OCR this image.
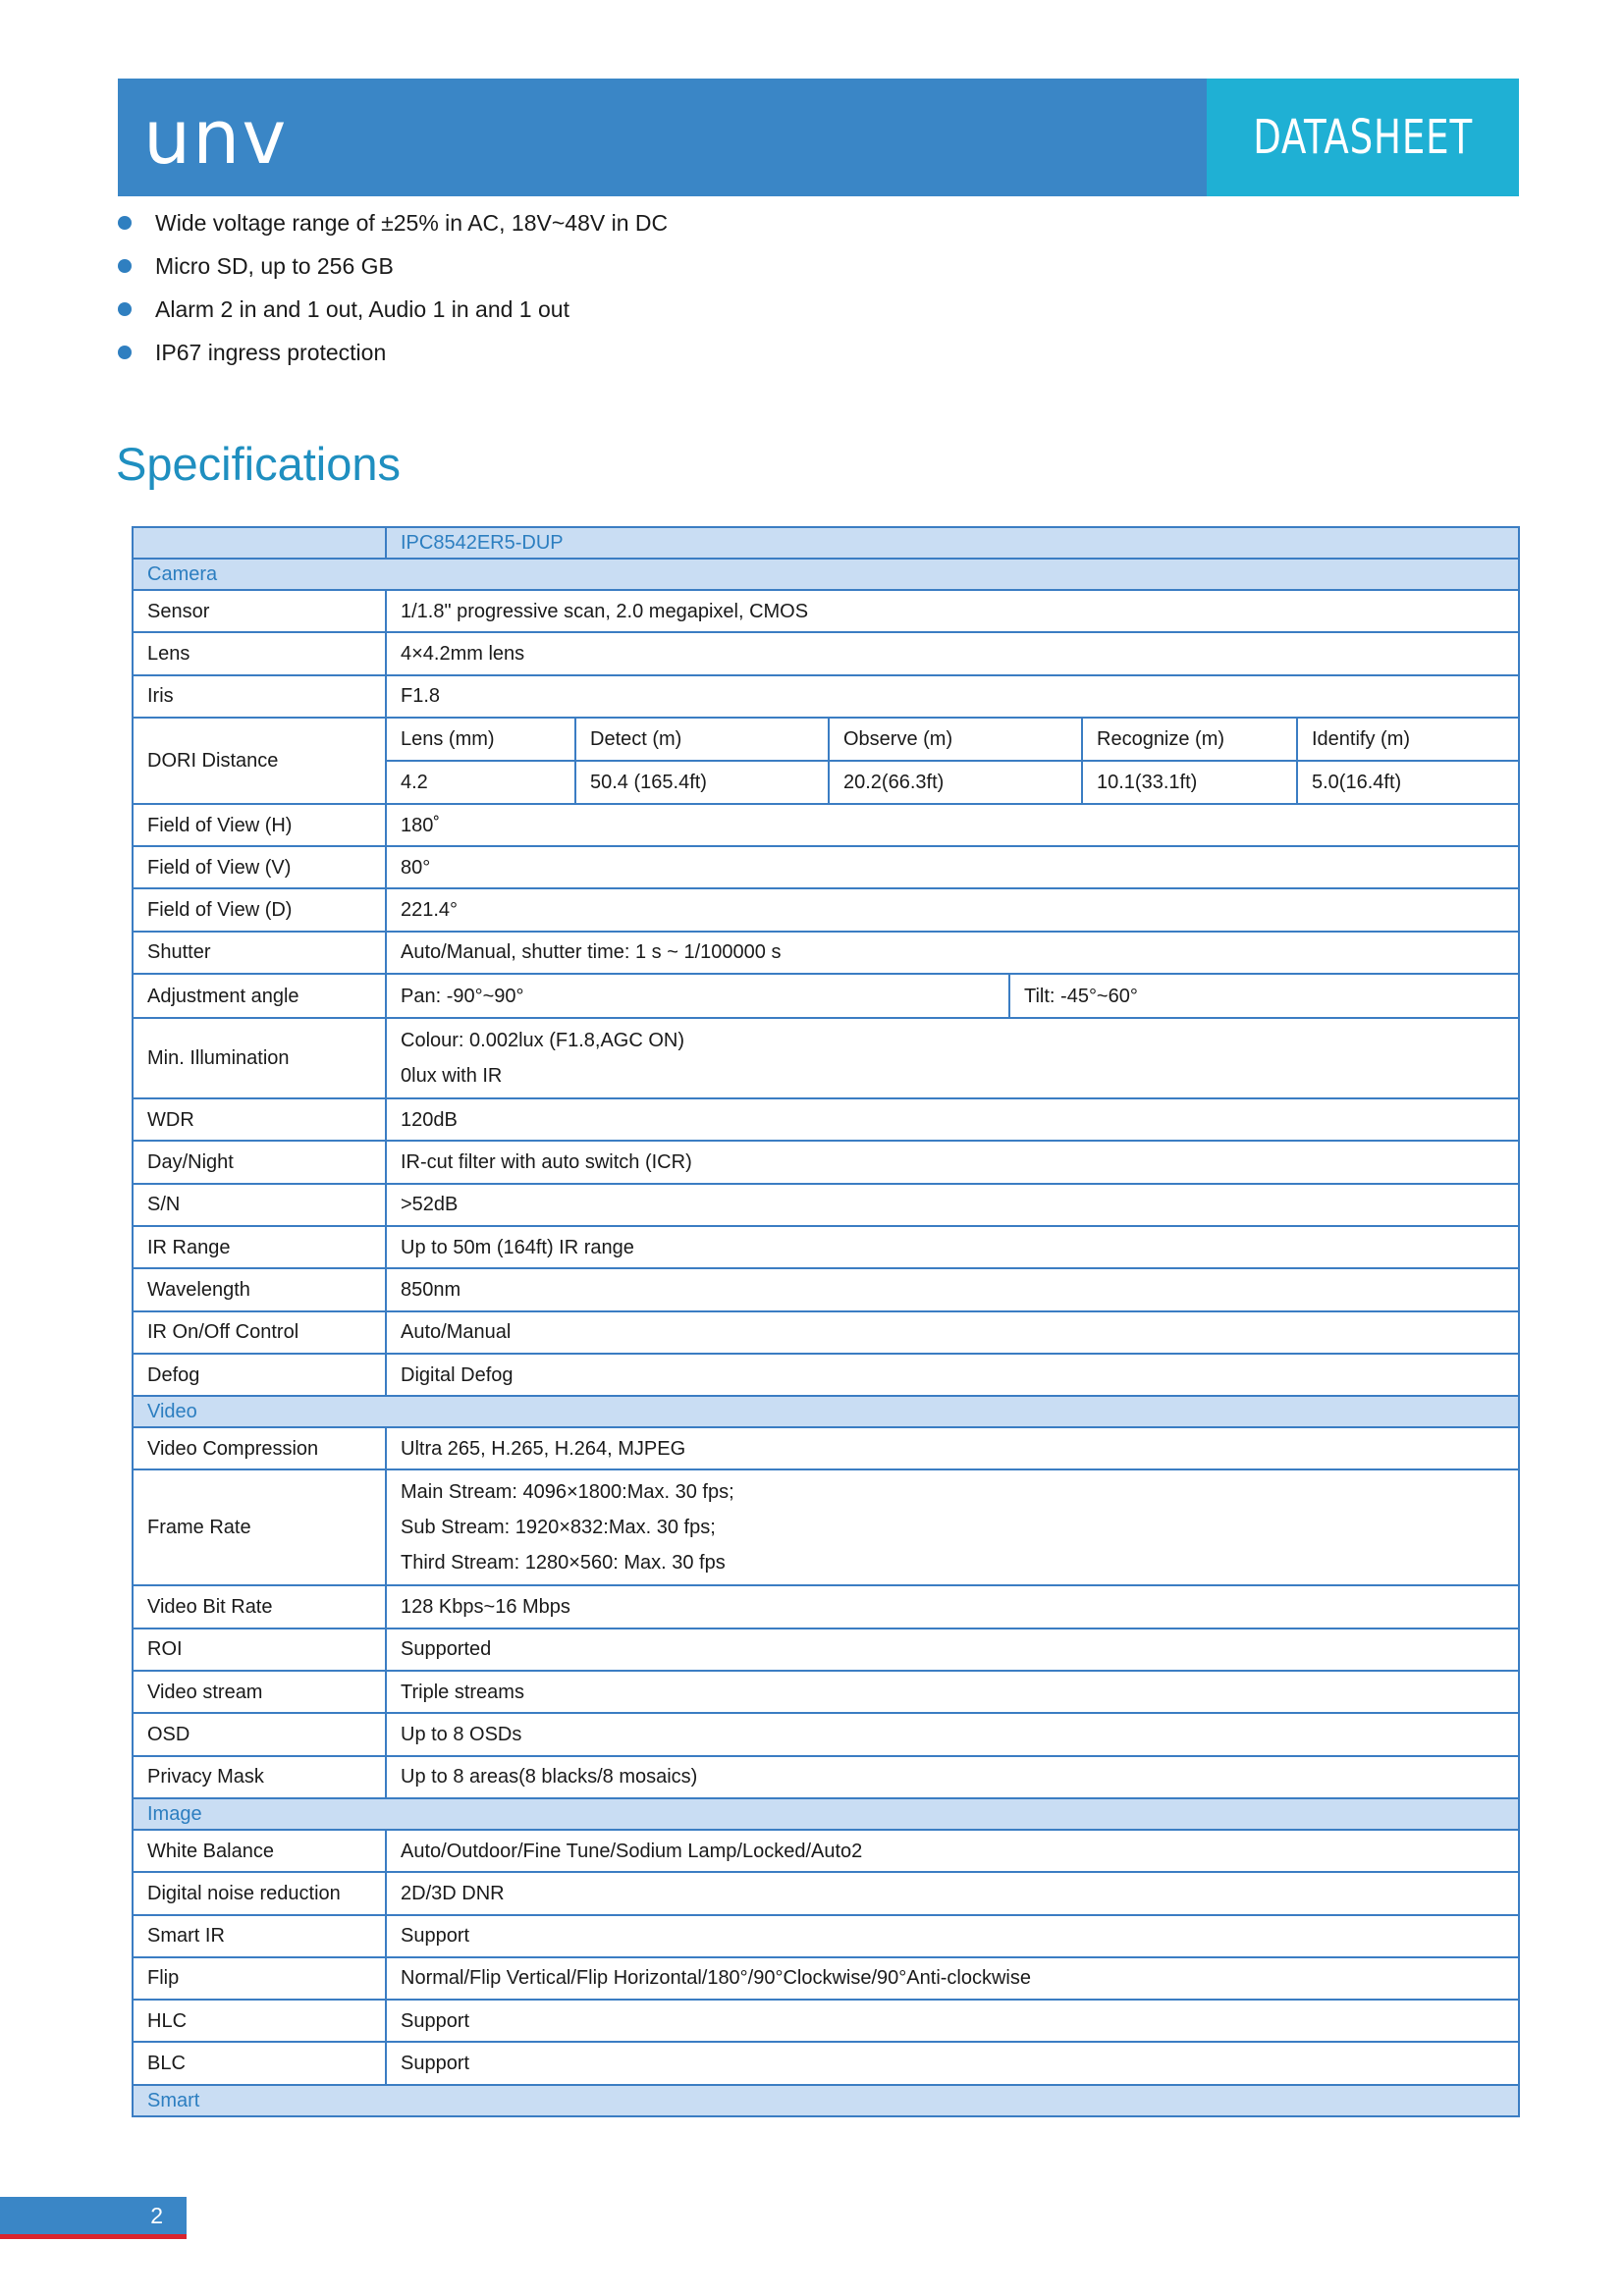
unv	DATASHEET
Wide voltage range of ±25% in AC, 18V~48V in DC
Micro SD, up to 256 GB
Alarm 2 in and 1 out, Audio 1 in and 1 out
IP67 ingress protection
Specifications
	IPC8542ER5-DUP
Camera
Sensor	1/1.8" progressive scan, 2.0 megapixel, CMOS
Lens	4×4.2mm lens
Iris	F1.8
DORI Distance	
Lens (mm)	Detect (m)	Observe (m)	Recognize (m)	Identify (m)
4.2	50.4 (165.4ft)	20.2(66.3ft)	10.1(33.1ft)	5.0(16.4ft)

Field of View (H)	180˚
Field of View (V)	80°
Field of View (D)	221.4°
Shutter	Auto/Manual, shutter time: 1 s ~ 1/100000 s
Adjustment angle		Pan: -90°~90°	Tilt: -45°~60°

Min. Illumination	
Colour: 0.002lux (F1.8,AGC ON)
0lux with IR

WDR	120dB
Day/Night	IR-cut filter with auto switch (ICR)
S/N	>52dB
IR Range	Up to 50m (164ft) IR range
Wavelength	850nm
IR On/Off Control	Auto/Manual
Defog	Digital Defog
Video
Video Compression	Ultra 265, H.265, H.264, MJPEG
Frame Rate	
Main Stream: 4096×1800:Max. 30 fps;
Sub Stream: 1920×832:Max. 30 fps;
Third Stream: 1280×560: Max. 30 fps

Video Bit Rate	128 Kbps~16 Mbps
ROI	Supported
Video stream	Triple streams
OSD	Up to 8 OSDs
Privacy Mask	Up to 8 areas(8 blacks/8 mosaics)
Image
White Balance	Auto/Outdoor/Fine Tune/Sodium Lamp/Locked/Auto2
Digital noise reduction	2D/3D DNR
Smart IR	Support
Flip	Normal/Flip Vertical/Flip Horizontal/180°/90°Clockwise/90°Anti-clockwise
HLC	Support
BLC	Support
Smart
2
